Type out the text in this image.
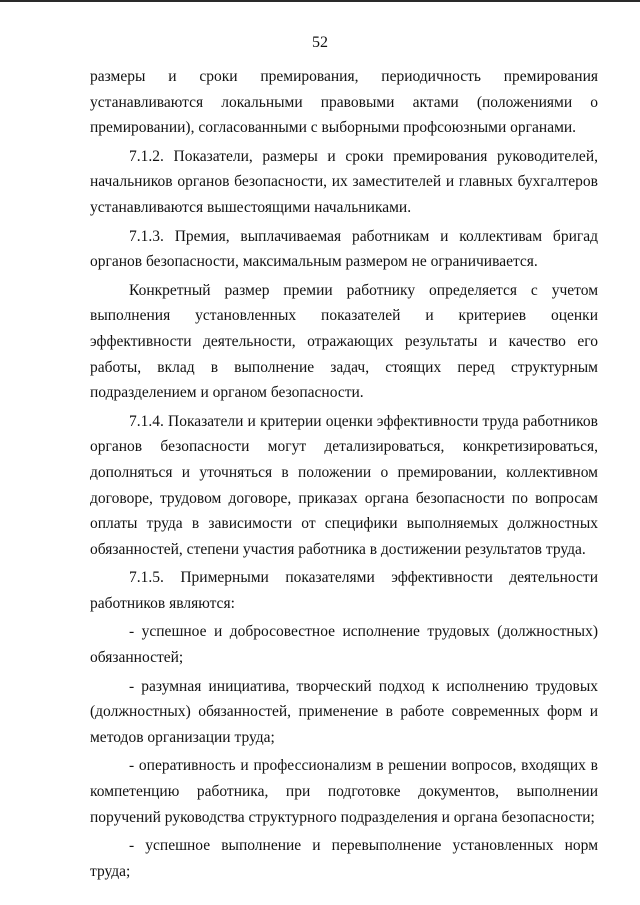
52

размеры и сроки премирования, периодичность премирования устанавливаются локальными правовыми актами (положениями о премировании), согласованными с выборными профсоюзными органами.

7.1.2. Показатели, размеры и сроки премирования руководителей, начальников органов безопасности, их заместителей и главных бухгалтеров устанавливаются вышестоящими начальниками.

7.1.3. Премия, выплачиваемая работникам и коллективам бригад органов безопасности, максимальным размером не ограничивается.

Конкретный размер премии работнику определяется с учетом выполнения установленных показателей и критериев оценки эффективности деятельности, отражающих результаты и качество его работы, вклад в выполнение задач, стоящих перед структурным подразделением и органом безопасности.

7.1.4. Показатели и критерии оценки эффективности труда работников органов безопасности могут детализироваться, конкретизироваться, дополняться и уточняться в положении о премировании, коллективном договоре, трудовом договоре, приказах органа безопасности по вопросам оплаты труда в зависимости от специфики выполняемых должностных обязанностей, степени участия работника в достижении результатов труда.

7.1.5. Примерными показателями эффективности деятельности работников являются:

- успешное и добросовестное исполнение трудовых (должностных) обязанностей;

- разумная инициатива, творческий подход к исполнению трудовых (должностных) обязанностей, применение в работе современных форм и методов организации труда;

- оперативность и профессионализм в решении вопросов, входящих в компетенцию работника, при подготовке документов, выполнении поручений руководства структурного подразделения и органа безопасности;

- успешное выполнение и перевыполнение установленных норм труда;
